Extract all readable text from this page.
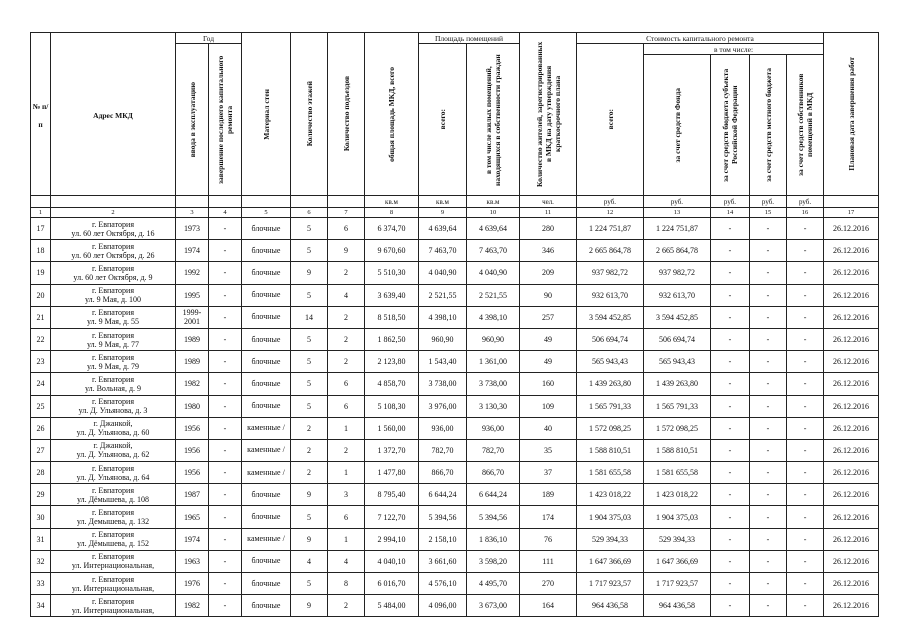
№ п/п	Адрес МКД	Год		Материал стен	Количество этажей	Количество подъездов	общая площадь МКД, всего	Площадь помещений		Количество жителей, зарегистрированных в МКД на дату утверждения краткосрочного плана	Стоимость капитального ремонта					Плановая дата завершения работ

		ввода в эксплуатацию	завершение последнего капитального ремонта					всего:	в том числе жилых помещений, находящихся в собственности граждан		всего:	в том числе:				

												за счет средств Фонда	за счет средств бюджета субъекта Российской Федерации	за счет средств местного бюджета	за счет средств собственников помещений в МКД	

							кв.м	кв.м	кв.м	чел.	руб.	руб.	руб.	руб.	руб.	
1	2	3	4	5	6	7	8	9	10	11	12	13	14	15	16	17
17	г. Евпатория
ул. 60 лет Октября, д. 16	1973	-	блочные	5	6	6 374,70	4 639,64	4 639,64	280	1 224 751,87	1 224 751,87	-	-	-	26.12.2016
18	г. Евпатория
ул. 60 лет Октября, д. 26	1974	-	блочные	5	9	9 670,60	7 463,70	7 463,70	346	2 665 864,78	2 665 864,78	-	-	-	26.12.2016
19	г. Евпатория
ул. 60 лет Октября, д. 9	1992	-	блочные	9	2	5 510,30	4 040,90	4 040,90	209	937 982,72	937 982,72	-	-	-	26.12.2016
20	г. Евпатория
ул. 9 Мая, д. 100	1995	-	блочные	5	4	3 639,40	2 521,55	2 521,55	90	932 613,70	932 613,70	-	-	-	26.12.2016
21	г. Евпатория
ул. 9 Мая, д. 55	1999-2001	-	блочные	14	2	8 518,50	4 398,10	4 398,10	257	3 594 452,85	3 594 452,85	-	-	-	26.12.2016
22	г. Евпатория
ул. 9 Мая, д. 77	1989	-	блочные	5	2	1 862,50	960,90	960,90	49	506 694,74	506 694,74	-	-	-	26.12.2016
23	г. Евпатория
ул. 9 Мая, д. 79	1989	-	блочные	5	2	2 123,80	1 543,40	1 361,00	49	565 943,43	565 943,43	-	-	-	26.12.2016
24	г. Евпатория
ул. Вольная, д. 9	1982	-	блочные	5	6	4 858,70	3 738,00	3 738,00	160	1 439 263,80	1 439 263,80	-	-	-	26.12.2016
25	г. Евпатория
ул. Д. Ульянова, д. 3	1980	-	блочные	5	6	5 108,30	3 976,00	3 130,30	109	1 565 791,33	1 565 791,33	-	-	-	26.12.2016
26	г. Джанкой,
ул. Д. Ульянова, д. 60	1956	-	каменные /	2	1	1 560,00	936,00	936,00	40	1 572 098,25	1 572 098,25	-	-	-	26.12.2016
27	г. Джанкой,
ул. Д. Ульянова, д. 62	1956	-	каменные /	2	2	1 372,70	782,70	782,70	35	1 588 810,51	1 588 810,51	-	-	-	26.12.2016
28	г. Евпатория
ул. Д. Ульянова, д. 64	1956	-	каменные /	2	1	1 477,80	866,70	866,70	37	1 581 655,58	1 581 655,58	-	-	-	26.12.2016
29	г. Евпатория
ул. Дёмышева, д. 108	1987	-	блочные	9	3	8 795,40	6 644,24	6 644,24	189	1 423 018,22	1 423 018,22	-	-	-	26.12.2016
30	г. Евпатория
ул. Демышева, д. 132	1965	-	блочные	5	6	7 122,70	5 394,56	5 394,56	174	1 904 375,03	1 904 375,03	-	-	-	26.12.2016
31	г. Евпатория
ул. Дёмышева, д. 152	1974	-	каменные /	9	1	2 994,10	2 158,10	1 836,10	76	529 394,33	529 394,33	-	-	-	26.12.2016
32	г. Евпатория
ул. Интернациональная,	1963	-	блочные	4	4	4 040,10	3 661,60	3 598,20	111	1 647 366,69	1 647 366,69	-	-	-	26.12.2016
33	г. Евпатория
ул. Интернациональная,	1976	-	блочные	5	8	6 016,70	4 576,10	4 495,70	270	1 717 923,57	1 717 923,57	-	-	-	26.12.2016
34	г. Евпатория
ул. Интернациональная,	1982	-	блочные	9	2	5 484,00	4 096,00	3 673,00	164	964 436,58	964 436,58	-	-	-	26.12.2016
